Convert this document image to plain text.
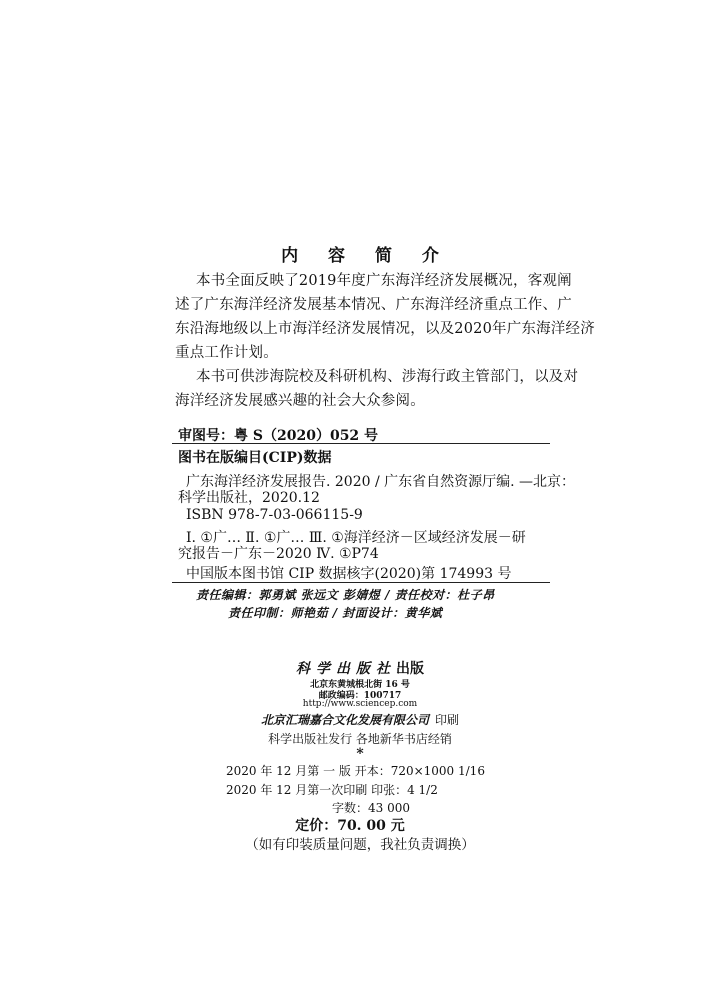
内 容 简 介
本书全面反映了2019年度广东海洋经济发展概况，客观阐
述了广东海洋经济发展基本情况、广东海洋经济重点工作、广
东沿海地级以上市海洋经济发展情况，以及2020年广东海洋经济
重点工作计划。
本书可供涉海院校及科研机构、涉海行政主管部门，以及对
海洋经济发展感兴趣的社会大众参阅。
审图号：粤 S（2020）052 号
图书在版编目(CIP)数据
广东海洋经济发展报告. 2020 / 广东省自然资源厅编. —北京：
科学出版社，2020.12
ISBN 978-7-03-066115-9
Ⅰ. ①广… Ⅱ. ①广… Ⅲ. ①海洋经济－区域经济发展－研
究报告－广东－2020 Ⅳ. ①P74
中国版本图书馆 CIP 数据核字(2020)第 174993 号
责任编辑：郭勇斌 张远文 彭婧煜 / 责任校对：杜子昂
责任印制：师艳茹 / 封面设计：黄华斌
科学出版社出版
北京东黄城根北街 16 号
邮政编码：100717
http://www.sciencep.com
北京汇瑞嘉合文化发展有限公司 印刷
科学出版社发行 各地新华书店经销
*
2020 年 12 月第 一 版 开本：720×1000 1/16
2020 年 12 月第一次印刷 印张：4 1/2
字数：43 000
定价：70. 00 元
（如有印装质量问题，我社负责调换）
